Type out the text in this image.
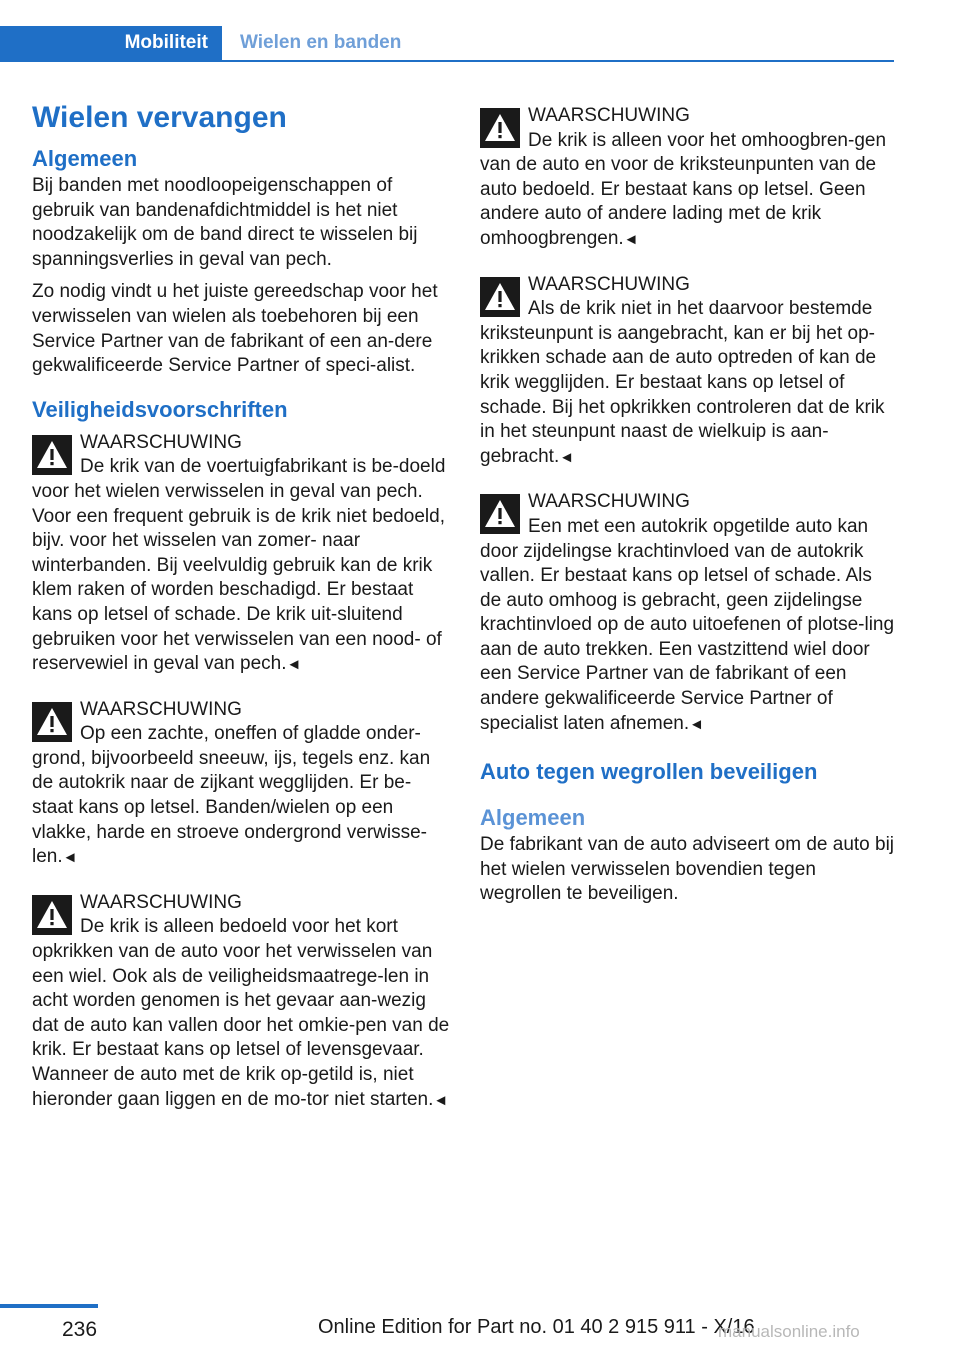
Mobiliteit	Wielen en banden
Wielen vervangen
Algemeen

Bij banden met noodloopeigenschappen of gebruik van bandenafdichtmiddel is het niet noodzakelijk om de band direct te wisselen bij spanningsverlies in geval van pech.

Zo nodig vindt u het juiste gereedschap voor het verwisselen van wielen als toebehoren bij een Service Partner van de fabrikant of een an‐dere gekwalificeerde Service Partner of speci‐alist.

Veiligheidsvoorschriften
WAARSCHUWING
De krik van de voertuigfabrikant is be‐doeld voor het wielen verwisselen in geval van pech. Voor een frequent gebruik is de krik niet bedoeld, bijv. voor het wisselen van zomer- naar winterbanden. Bij veelvuldig gebruik kan de krik klem raken of worden beschadigd. Er bestaat kans op letsel of schade. De krik uit‐sluitend gebruiken voor het verwisselen van een nood- of reservewiel in geval van pech.◄
WAARSCHUWING
Op een zachte, oneffen of gladde onder‐grond, bijvoorbeeld sneeuw, ijs, tegels enz. kan de autokrik naar de zijkant wegglijden. Er be‐staat kans op letsel. Banden/wielen op een vlakke, harde en stroeve ondergrond verwisse‐len.◄
WAARSCHUWING
De krik is alleen bedoeld voor het kort opkrikken van de auto voor het verwisselen van een wiel. Ook als de veiligheidsmaatrege‐len in acht worden genomen is het gevaar aan‐wezig dat de auto kan vallen door het omkie‐pen van de krik. Er bestaat kans op letsel of levensgevaar. Wanneer de auto met de krik op‐getild is, niet hieronder gaan liggen en de mo‐tor niet starten.◄
WAARSCHUWING
De krik is alleen voor het omhoogbren‐gen van de auto en voor de kriksteunpunten van de auto bedoeld. Er bestaat kans op letsel. Geen andere auto of andere lading met de krik omhoogbrengen.◄
WAARSCHUWING
Als de krik niet in het daarvoor bestemde kriksteunpunt is aangebracht, kan er bij het op‐krikken schade aan de auto optreden of kan de krik wegglijden. Er bestaat kans op letsel of schade. Bij het opkrikken controleren dat de krik in het steunpunt naast de wielkuip is aan‐gebracht.◄
WAARSCHUWING
Een met een autokrik opgetilde auto kan door zijdelingse krachtinvloed van de autokrik vallen. Er bestaat kans op letsel of schade. Als de auto omhoog is gebracht, geen zijdelingse krachtinvloed op de auto uitoefenen of plotse‐ling aan de auto trekken. Een vastzittend wiel door een Service Partner van de fabrikant of een andere gekwalificeerde Service Partner of specialist laten afnemen.◄
Auto tegen wegrollen beveiligen
Algemeen

De fabrikant van de auto adviseert om de auto bij het wielen verwisselen bovendien tegen wegrollen te beveiligen.

236	Online Edition for Part no. 01 40 2 915 911 - X/16
manualsonline.info
